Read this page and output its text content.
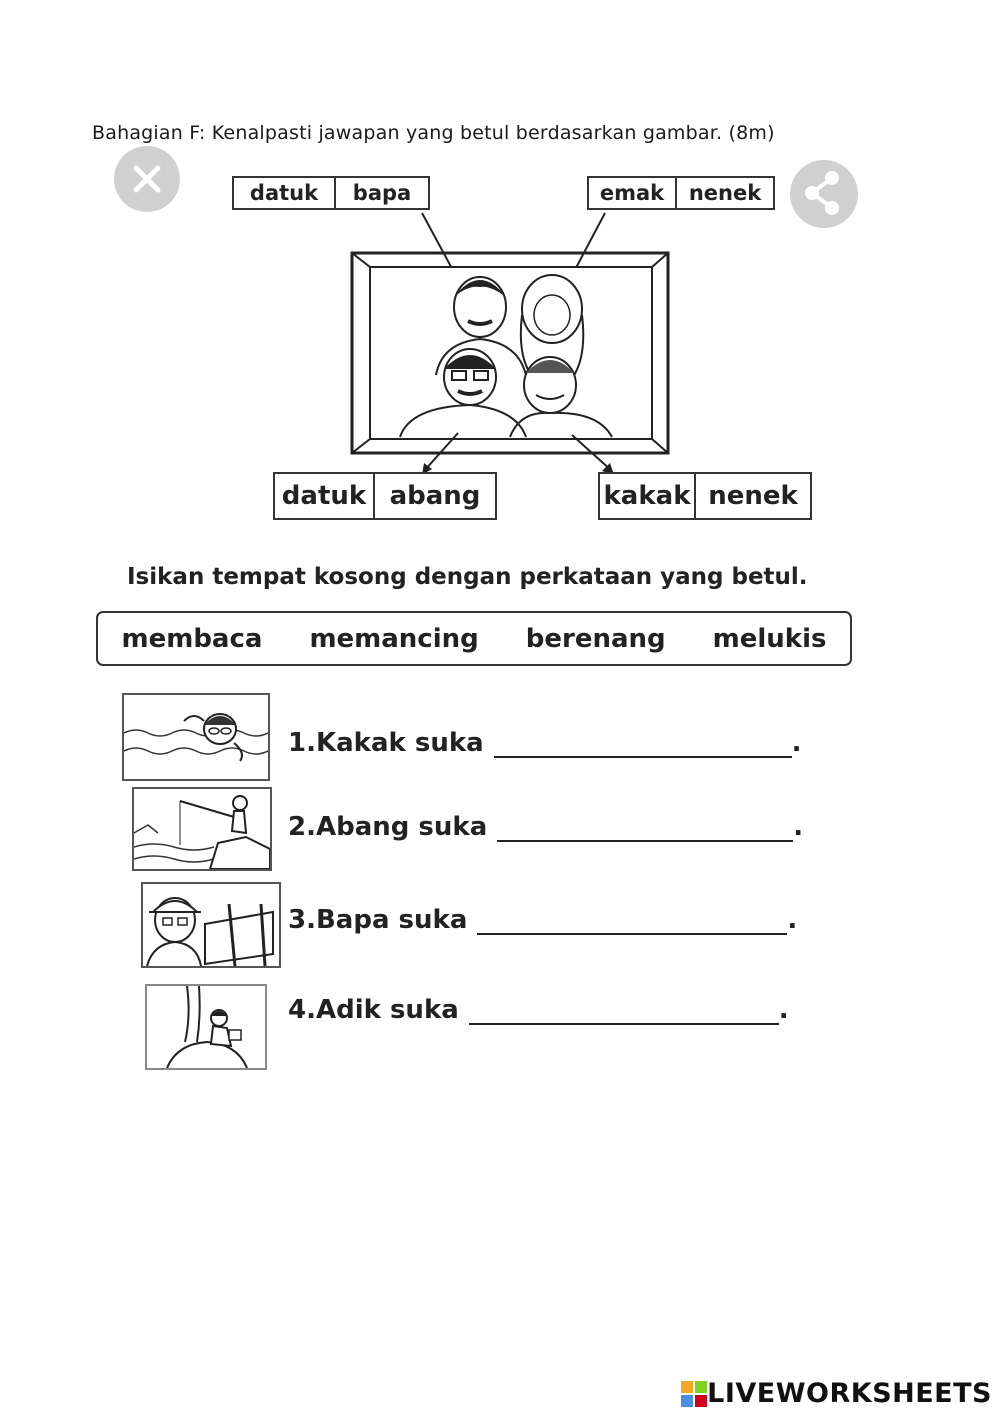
Bahagian F: Kenalpasti jawapan yang betul berdasarkan gambar. (8m)
datuk	bapa	emak	nenek
datuk abang	kakak nenek
Isikan tempat kosong dengan perkataan yang betul.
membaca memancing berenang melukis
1.Kakak suka	.
2.Abang suka	.
3.Bapa suka	.
4.Adik suka	.
LIVEWORKSHEETS
